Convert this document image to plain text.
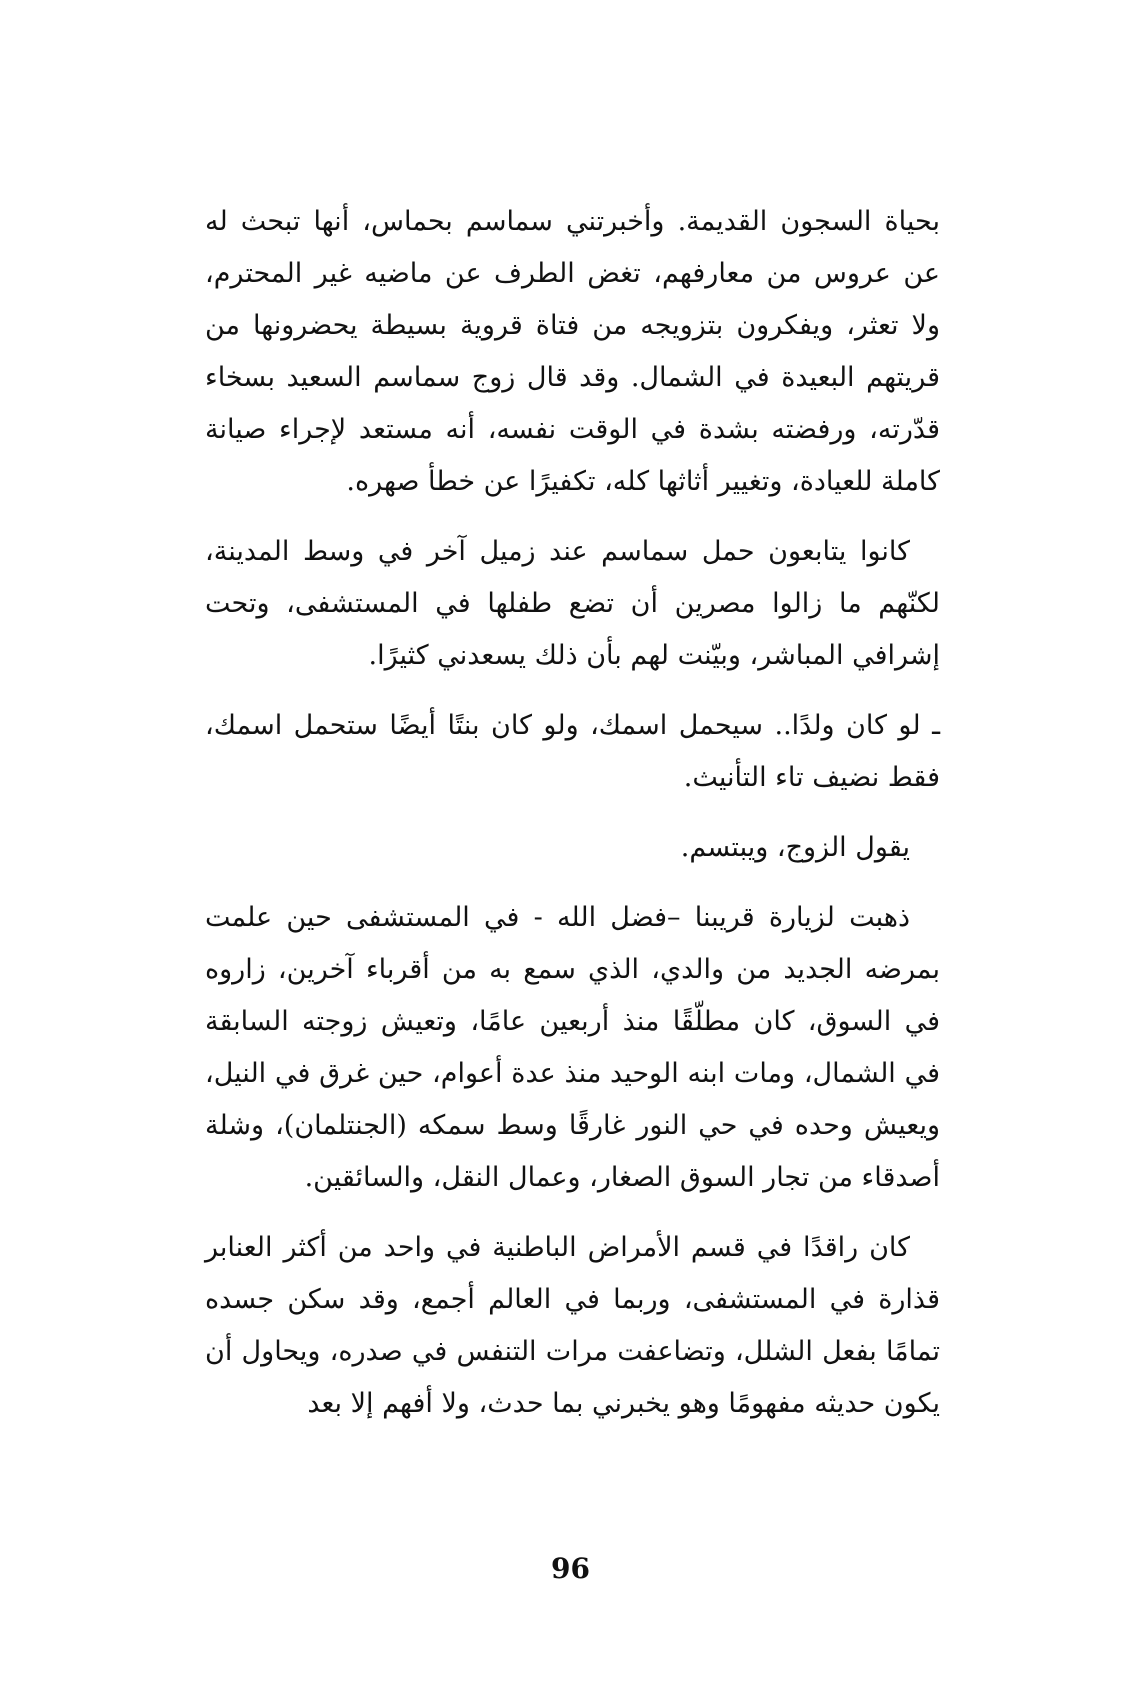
بحياة السجون القديمة. وأخبرتني سماسم بحماس، أنها تبحث له عن عروس من معارفهم، تغض الطرف عن ماضيه غير المحترم، ولا تعثر، ويفكرون بتزويجه من فتاة قروية بسيطة يحضرونها من قريتهم البعيدة في الشمال. وقد قال زوج سماسم السعيد بسخاء قدّرته، ورفضته بشدة في الوقت نفسه، أنه مستعد لإجراء صيانة كاملة للعيادة، وتغيير أثاثها كله، تكفيرًا عن خطأ صهره.

كانوا يتابعون حمل سماسم عند زميل آخر في وسط المدينة، لكنّهم ما زالوا مصرين أن تضع طفلها في المستشفى، وتحت إشرافي المباشر، وبيّنت لهم بأن ذلك يسعدني كثيرًا.

ـ لو كان ولدًا.. سيحمل اسمك، ولو كان بنتًا أيضًا ستحمل اسمك، فقط نضيف تاء التأنيث.

يقول الزوج، ويبتسم.

ذهبت لزيارة قريبنا –فضل الله - في المستشفى حين علمت بمرضه الجديد من والدي، الذي سمع به من أقرباء آخرين، زاروه في السوق، كان مطلّقًا منذ أربعين عامًا، وتعيش زوجته السابقة في الشمال، ومات ابنه الوحيد منذ عدة أعوام، حين غرق في النيل، ويعيش وحده في حي النور غارقًا وسط سمكه (الجنتلمان)، وشلة أصدقاء من تجار السوق الصغار، وعمال النقل، والسائقين.

كان راقدًا في قسم الأمراض الباطنية في واحد من أكثر العنابر قذارة في المستشفى، وربما في العالم أجمع، وقد سكن جسده تمامًا بفعل الشلل، وتضاعفت مرات التنفس في صدره، ويحاول أن يكون حديثه مفهومًا وهو يخبرني بما حدث، ولا أفهم إلا بعد

96
